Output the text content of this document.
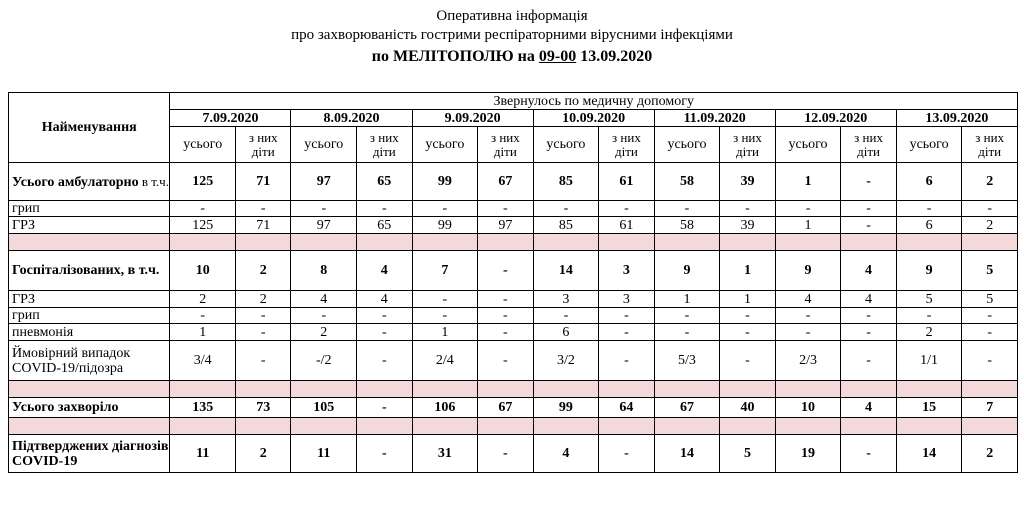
Оперативна інформація
про захворюваність гострими респіраторними вірусними інфекціями
по МЕЛІТОПОЛЮ на 09-00 13.09.2020
Найменування	Звернулось по медичну допомогу													
	7.09.2020		8.09.2020		9.09.2020		10.09.2020		11.09.2020		12.09.2020		13.09.2020	
	усього	з них діти	усього	з них діти	усього	з них діти	усього	з них діти	усього	з них діти	усього	з них діти	усього	з них діти
Усього амбулаторно в т.ч.	125	71	97	65	99	67	85	61	58	39	1	-	6	2
грип	-	-	-	-	-	-	-	-	-	-	-	-	-	-
ГРЗ	125	71	97	65	99	97	85	61	58	39	1	-	6	2

Госпіталізованих, в т.ч.	10	2	8	4	7	-	14	3	9	1	9	4	9	5
ГРЗ	2	2	4	4	-	-	3	3	1	1	4	4	5	5
грип	-	-	-	-	-	-	-	-	-	-	-	-	-	-
пневмонія	1	-	2	-	1	-	6	-	-	-	-	-	2	-
Ймовірний випадок COVID-19/підозра	3/4	-	-/2	-	2/4	-	3/2	-	5/3	-	2/3	-	1/1	-

Усього захворіло	135	73	105	-	106	67	99	64	67	40	10	4	15	7

Підтверджених діагнозів COVID-19	11	2	11	-	31	-	4	-	14	5	19	-	14	2
